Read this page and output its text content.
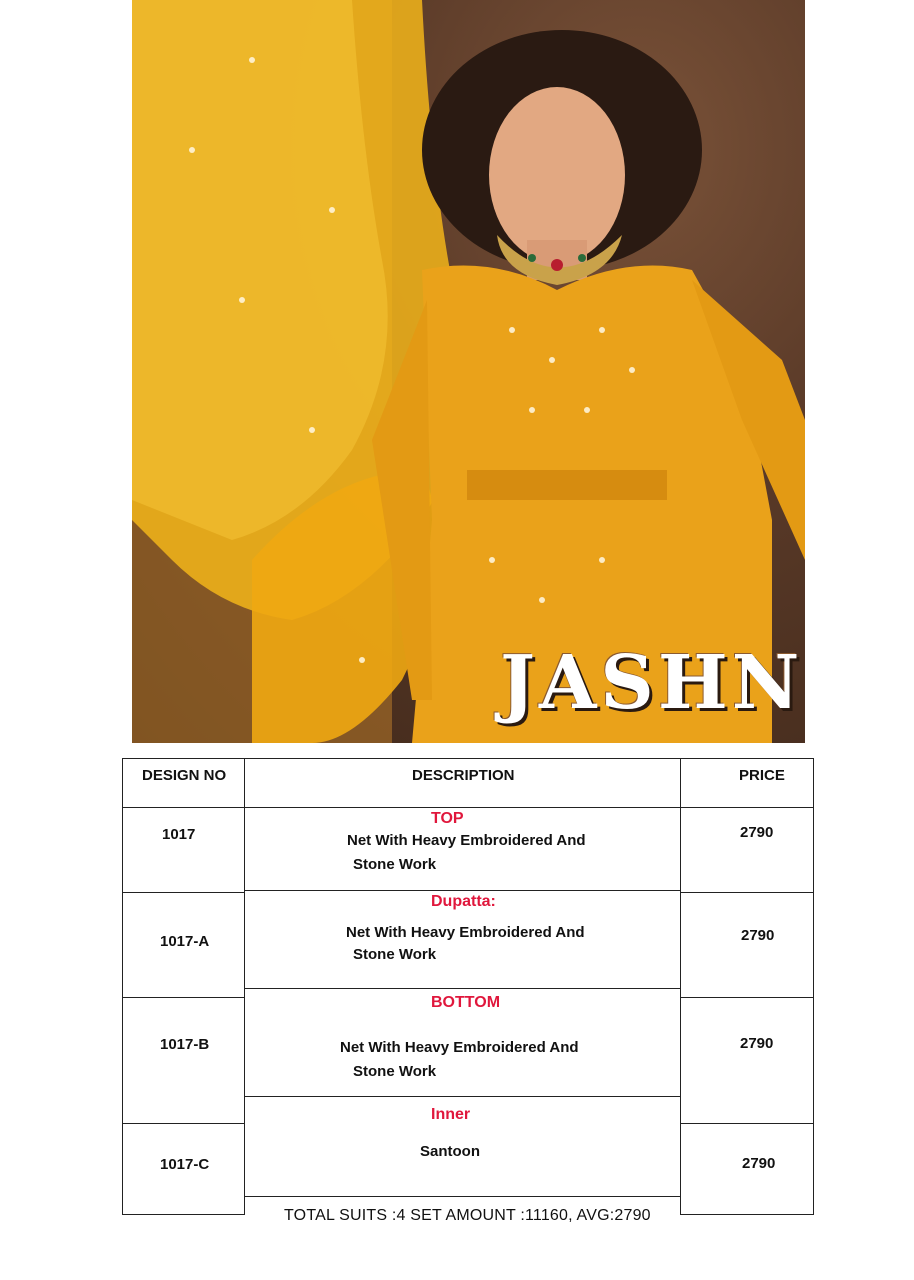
JASHN
DESIGN NO
1017
1017-A
1017-B
1017-C
DESCRIPTION
TOP
Net With Heavy Embroidered And
Stone Work
Dupatta:
Net With Heavy Embroidered And
Stone Work
BOTTOM
Net With Heavy Embroidered And
Stone Work
Inner
Santoon
PRICE
2790
2790
2790
2790
TOTAL SUITS :4 SET AMOUNT :11160, AVG:2790
